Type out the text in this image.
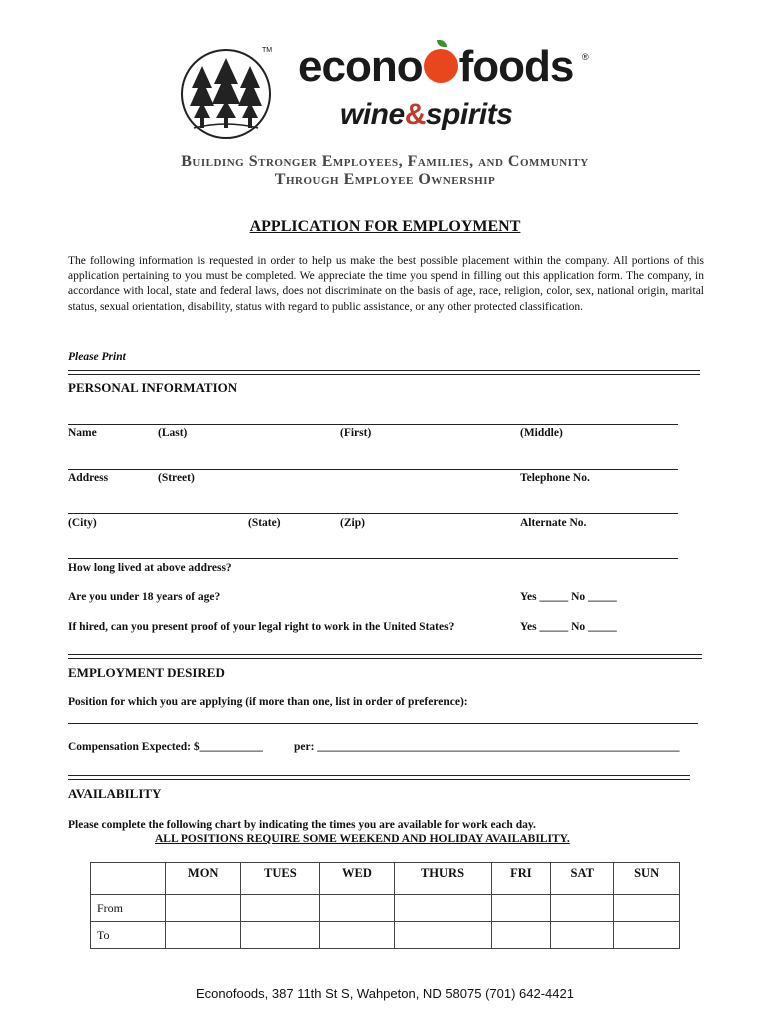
TM econo foods ®
wine&spirits
Building Stronger Employees, Families, and Community
Through Employee Ownership
APPLICATION FOR EMPLOYMENT
The following information is requested in order to help us make the best possible placement within the company. All portions of this application pertaining to you must be completed. We appreciate the time you spend in filling out this application form. The company, in accordance with local, state and federal laws, does not discriminate on the basis of age, race, religion, color, sex, national origin, marital status, sexual orientation, disability, status with regard to public assistance, or any other protected classification.
Please Print
PERSONAL INFORMATION
Name	(Last)	(First)	(Middle)
Address	(Street)	Telephone No.
(City)	(State)	(Zip)	Alternate No.
How long lived at above address?
Are you under 18 years of age?	Yes _____ No _____
If hired, can you present proof of your legal right to work in the United States?	Yes _____ No _____
EMPLOYMENT DESIRED
Position for which you are applying (if more than one, list in order of preference):
Compensation Expected: $___________	per: _______________________________________________________________
AVAILABILITY
Please complete the following chart by indicating the times you are available for work each day.
ALL POSITIONS REQUIRE SOME WEEKEND AND HOLIDAY AVAILABILITY.
	MON	TUES	WED	THURS	FRI	SAT	SUN
From							
To							
Econofoods, 387 11th St S, Wahpeton, ND 58075 (701) 642-4421
